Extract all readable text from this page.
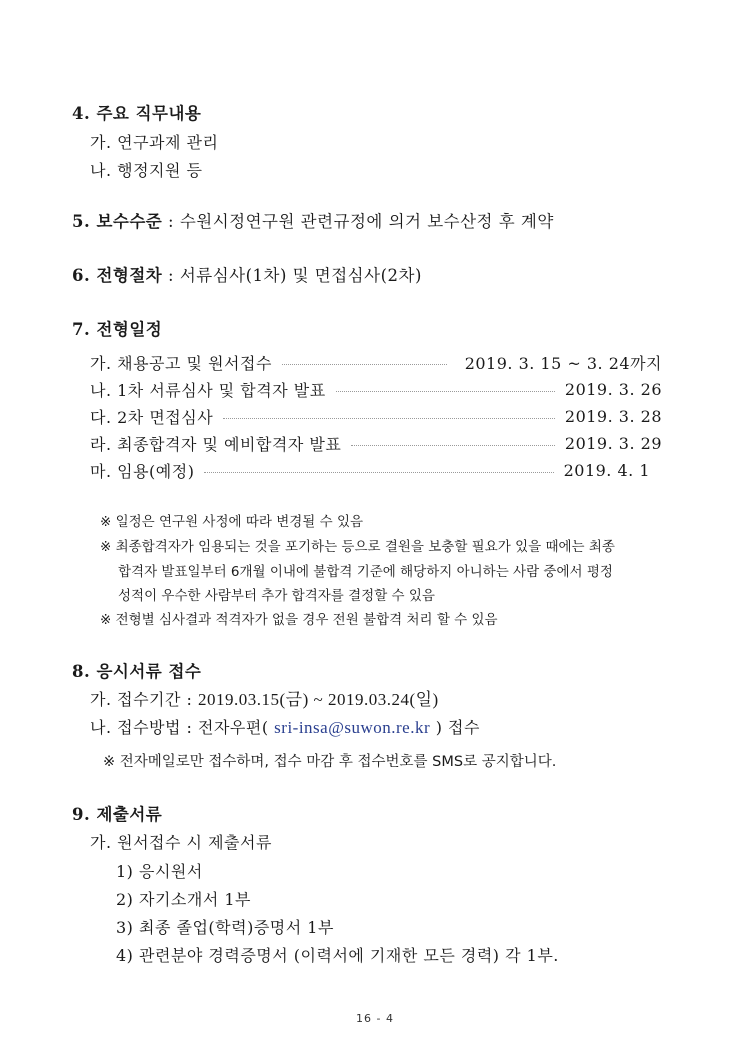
4. 주요 직무내용
가. 연구과제 관리
나. 행정지원 등
5. 보수수준 : 수원시정연구원 관련규정에 의거 보수산정 후 계약
6. 전형절차 : 서류심사(1차) 및 면접심사(2차)
7. 전형일정
가. 채용공고 및 원서접수	2019. 3. 15 ~ 3. 24까지
나. 1차 서류심사 및 합격자 발표	2019. 3. 26
다. 2차 면접심사	2019. 3. 28
라. 최종합격자 및 예비합격자 발표	2019. 3. 29
마. 임용(예정)	2019. 4. 1
※ 일정은 연구원 사정에 따라 변경될 수 있음
※ 최종합격자가 임용되는 것을 포기하는 등으로 결원을 보충할 필요가 있을 때에는 최종
합격자 발표일부터 6개월 이내에 불합격 기준에 해당하지 아니하는 사람 중에서 평정
성적이 우수한 사람부터 추가 합격자를 결정할 수 있음
※ 전형별 심사결과 적격자가 없을 경우 전원 불합격 처리 할 수 있음
8. 응시서류 접수
가. 접수기간 : 2019.03.15(금) ~ 2019.03.24(일)
나. 접수방법 : 전자우편( sri-insa@suwon.re.kr ) 접수
※ 전자메일로만 접수하며, 접수 마감 후 접수번호를 SMS로 공지합니다.
9. 제출서류
가. 원서접수 시 제출서류
1) 응시원서
2) 자기소개서 1부
3) 최종 졸업(학력)증명서 1부
4) 관련분야 경력증명서 (이력서에 기재한 모든 경력) 각 1부.
16 - 4
